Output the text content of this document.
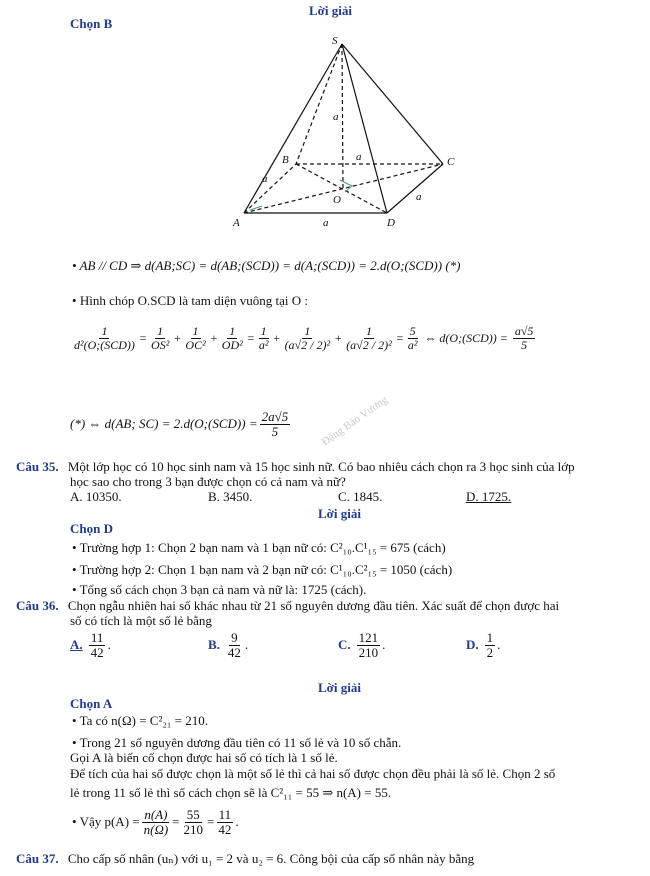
Lời giải
Chọn B
S
A
B	C
D
O
a
a
a
a
a
• AB // CD ⇒ d(AB;SC) = d(AB;(SCD)) = d(A;(SCD)) = 2.d(O;(SCD)) (*)
• Hình chóp O.SCD là tam diện vuông tại O :
$\frac{1}{\text{d²(O;(SCD))}} = \frac{1}{\text{OS²}} + \frac{1}{\text{OC²}} + \frac{1}{\text{OD²}} = \frac{1}{\text{a²}} + \frac{1}{\text{(a√2 / 2)²}} + \frac{1}{\text{(a√2 / 2)²}} = \frac{5}{\text{a²}}$ ⇔ d(O;(SCD)) = $\frac{a√5}{5}$
(*) ⇔ d(AB; SC) = 2.d(O;(SCD)) = $\frac{2a√5}{5}$	Đặng Bảo Vương
Câu 35. Một lớp học có 10 học sinh nam và 15 học sinh nữ. Có bao nhiêu cách chọn ra 3 học sinh của lớp
học sao cho trong 3 bạn được chọn có cả nam và nữ?
A. 10350.	B. 3450.	C. 1845.	D. 1725.
Lời giải
Chọn D
• Trường hợp 1: Chọn 2 bạn nam và 1 bạn nữ có: C²₁₀.C¹₁₅ = 675 (cách)
• Trường hợp 2: Chọn 1 bạn nam và 2 bạn nữ có: C¹₁₀.C²₁₅ = 1050 (cách)
• Tổng số cách chọn 3 bạn cả nam và nữ là: 1725 (cách).
Câu 36. Chọn ngẫu nhiên hai số khác nhau từ 21 số nguyên dương đầu tiên. Xác suất để chọn được hai
số có tích là một số lẻ bằng
A. $\frac{11}{42}$ .	B. $\frac{9}{42}$ .	C. $\frac{121}{210}$ .	D. $\frac{1}{2}$ .
Lời giải
Chọn A
• Ta có n(Ω) = C²₂₁ = 210.
• Trong 21 số nguyên dương đầu tiên có 11 số lẻ và 10 số chẵn.
Gọi A là biến cố chọn được hai số có tích là 1 số lẻ.
Để tích của hai số được chọn là một số lẻ thì cả hai số được chọn đều phải là số lẻ. Chọn 2 số
lẻ trong 11 số lẻ thì số cách chọn sẽ là C²₁₁ = 55 ⇒ n(A) = 55.
• Vậy $p(A) = \frac{n(A)}{n(\Omega)} = \frac{55}{210} = \frac{11}{42}$ .
Câu 37. Cho cấp số nhân (uₙ) với u₁ = 2 và u₂ = 6. Công bội của cấp số nhân này bằng
